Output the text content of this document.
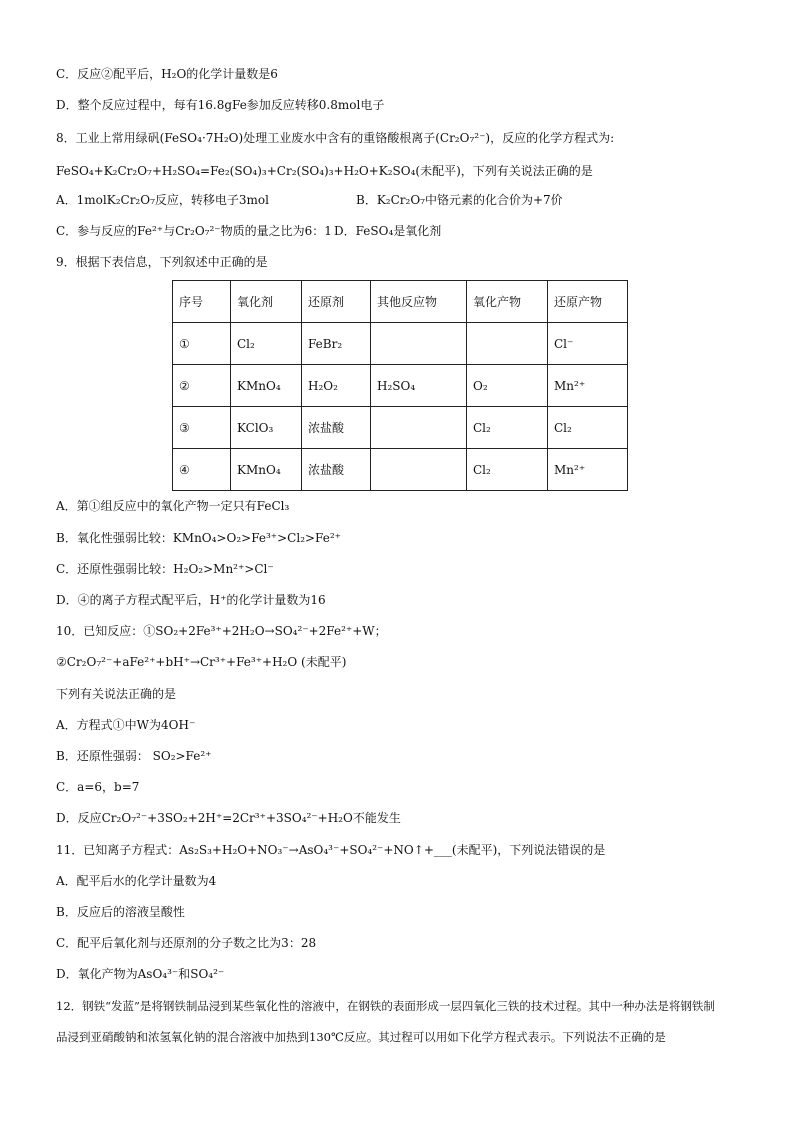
C．反应②配平后，H₂O的化学计量数是6
D．整个反应过程中，每有16.8gFe参加反应转移0.8mol电子
8．工业上常用绿矾(FeSO₄·7H₂O)处理工业废水中含有的重铬酸根离子(Cr₂O₇²⁻)，反应的化学方程式为:
FeSO₄+K₂Cr₂O₇+H₂SO₄=Fe₂(SO₄)₃+Cr₂(SO₄)₃+H₂O+K₂SO₄(未配平)，下列有关说法正确的是
A．1molK₂Cr₂O₇反应，转移电子3mol	B．K₂Cr₂O₇中铬元素的化合价为+7价
C．参与反应的Fe²⁺与Cr₂O₇²⁻物质的量之比为6：1 D．FeSO₄是氧化剂
9．根据下表信息，下列叙述中正确的是
序号	氧化剂	还原剂	其他反应物	氧化产物	还原产物
①	Cl₂	FeBr₂			Cl⁻
②	KMnO₄	H₂O₂	H₂SO₄	O₂	Mn²⁺
③	KClO₃	浓盐酸		Cl₂	Cl₂
④	KMnO₄	浓盐酸		Cl₂	Mn²⁺
A．第①组反应中的氧化产物一定只有FeCl₃
B．氧化性强弱比较：KMnO₄>O₂>Fe³⁺>Cl₂>Fe²⁺
C．还原性强弱比较：H₂O₂>Mn²⁺>Cl⁻
D．④的离子方程式配平后，H⁺的化学计量数为16
10．已知反应：①SO₂+2Fe³⁺+2H₂O→SO₄²⁻+2Fe²⁺+W；
②Cr₂O₇²⁻+aFe²⁺+bH⁺→Cr³⁺+Fe³⁺+H₂O (未配平)
下列有关说法正确的是
A．方程式①中W为4OH⁻
B．还原性强弱： SO₂>Fe²⁺
C．a=6，b=7
D．反应Cr₂O₇²⁻+3SO₂+2H⁺=2Cr³⁺+3SO₄²⁻+H₂O不能发生
11．已知离子方程式：As₂S₃+H₂O+NO₃⁻→AsO₄³⁻+SO₄²⁻+NO↑+___(未配平)，下列说法错误的是
A．配平后水的化学计量数为4
B．反应后的溶液呈酸性
C．配平后氧化剂与还原剂的分子数之比为3：28
D．氧化产物为AsO₄³⁻和SO₄²⁻
12．钢铁“发蓝”是将钢铁制品浸到某些氧化性的溶液中，在钢铁的表面形成一层四氧化三铁的技术过程。其中一种办法是将钢铁制
品浸到亚硝酸钠和浓氢氧化钠的混合溶液中加热到130℃反应。其过程可以用如下化学方程式表示。下列说法不正确的是
